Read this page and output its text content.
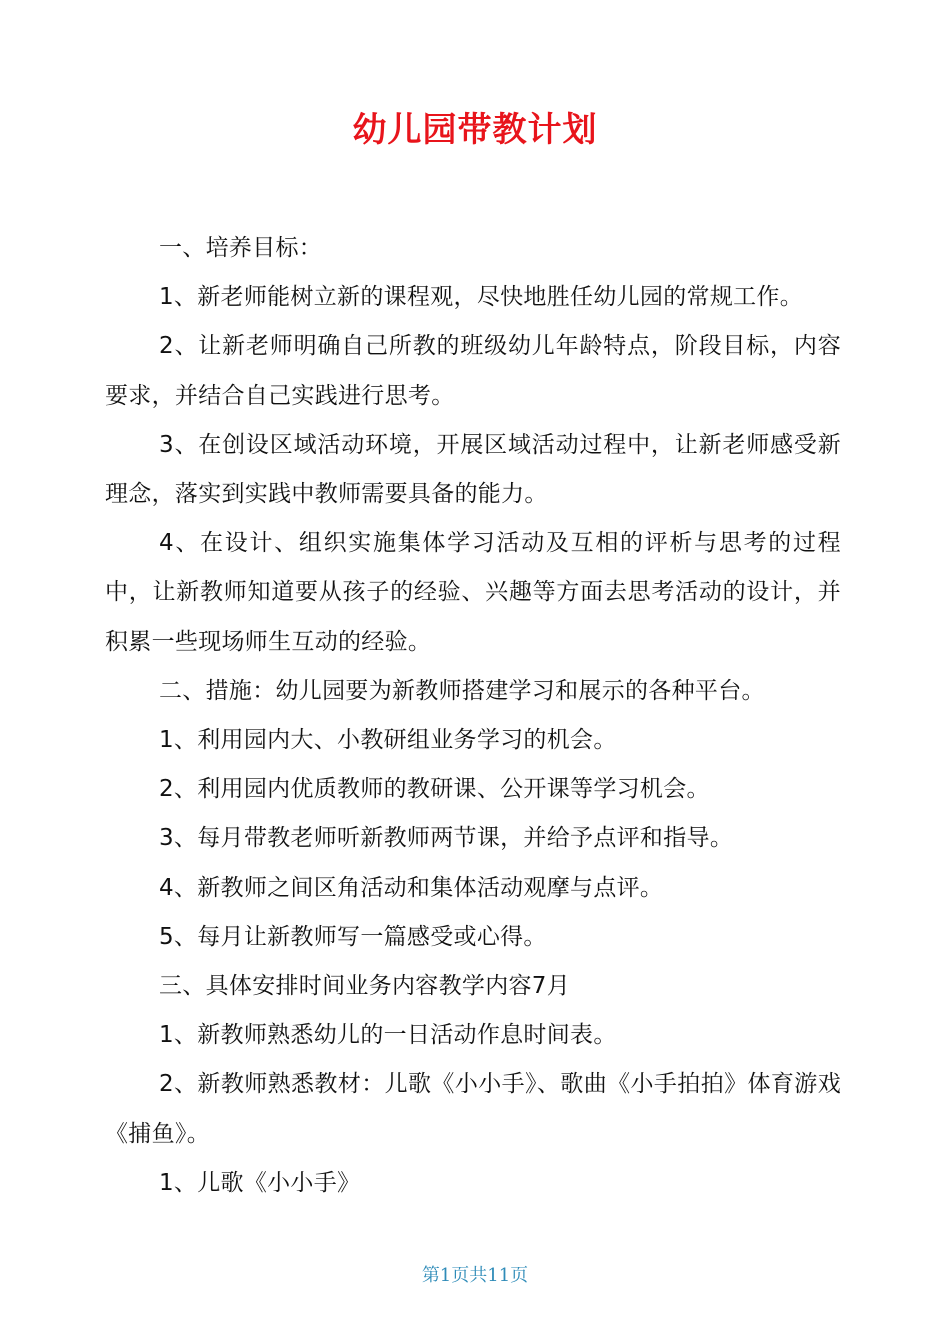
幼儿园带教计划

一、培养目标：

1、新老师能树立新的课程观，尽快地胜任幼儿园的常规工作。

2、让新老师明确自己所教的班级幼儿年龄特点，阶段目标，内容要求，并结合自己实践进行思考。

3、在创设区域活动环境，开展区域活动过程中，让新老师感受新理念，落实到实践中教师需要具备的能力。

4、在设计、组织实施集体学习活动及互相的评析与思考的过程中，让新教师知道要从孩子的经验、兴趣等方面去思考活动的设计，并积累一些现场师生互动的经验。

二、措施：幼儿园要为新教师搭建学习和展示的各种平台。

1、利用园内大、小教研组业务学习的机会。

2、利用园内优质教师的教研课、公开课等学习机会。

3、每月带教老师听新教师两节课，并给予点评和指导。

4、新教师之间区角活动和集体活动观摩与点评。

5、每月让新教师写一篇感受或心得。

三、具体安排时间业务内容教学内容7月

1、新教师熟悉幼儿的一日活动作息时间表。

2、新教师熟悉教材：儿歌《小小手》、歌曲《小手拍拍》体育游戏《捕鱼》。

1、儿歌《小小手》

第1页共11页
